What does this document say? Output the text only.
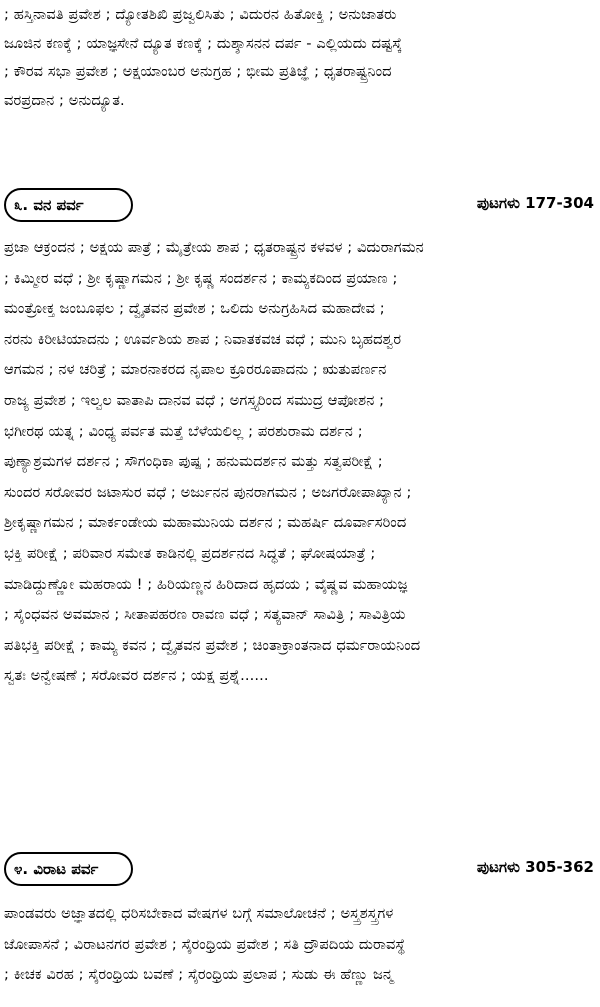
; ಹಸ್ತಿನಾವತಿ ಪ್ರವೇಶ ; ದ್ಯೋತಶಿಖಿ ಪ್ರಜ್ವಲಿಸಿತು ; ವಿದುರನ ಹಿತೋಕ್ತಿ ; ಅನುಜಾತರು
ಜೂಜಿನ ಕಣಕ್ಕೆ ; ಯಾಜ್ಞಸೇನೆ ದ್ಯೂತ ಕಣಕ್ಕೆ ; ದುಶ್ಶಾಸನನ ದರ್ಪ - ಎಲ್ಲಿಯದು ದಷ್ಟಸ್ಕೆ
; ಕೌರವ ಸಭಾ ಪ್ರವೇಶ ; ಅಕ್ಷಯಾಂಬರ ಅನುಗ್ರಹ ; ಭೀಮ ಪ್ರತಿಜ್ಞೆ ; ಧೃತರಾಷ್ಟ್ರನಿಂದ
ವರಪ್ರದಾನ ; ಅನುದ್ಯೂತ.
೩. ವನ ಪರ್ವ	ಪುಟಗಳು 177-304
ಪ್ರಜಾ ಆಕ್ರಂದನ ; ಅಕ್ಷಯ ಪಾತ್ರೆ ; ಮೈತ್ರೇಯ ಶಾಪ ; ಧೃತರಾಷ್ಟ್ರನ ಕಳವಳ ; ವಿದುರಾಗಮನ
; ಕಿಮ್ಮೀರ ವಧೆ ; ಶ್ರೀ ಕೃಷ್ಣಾಗಮನ ; ಶ್ರೀ ಕೃಷ್ಣ ಸಂದರ್ಶನ ; ಕಾಮ್ಯಕದಿಂದ ಪ್ರಯಾಣ ;
ಮಂತ್ರೋಕ್ತ ಜಂಬೂಫಲ ; ದ್ವೈತವನ ಪ್ರವೇಶ ; ಒಲಿದು ಅನುಗ್ರಹಿಸಿದ ಮಹಾದೇವ ;
ನರನು ಕಿರೀಟಿಯಾದನು ; ಊರ್ವಶಿಯ ಶಾಪ ; ನಿವಾತಕವಚ ವಧೆ ; ಮುನಿ ಬೃಹದಶ್ವರ
ಆಗಮನ ; ನಳ ಚರಿತ್ರೆ ; ಮಾರನಾಕರದ ನೃಪಾಲ ಕ್ರೂರರೂಪಾದನು ; ಋತುಪರ್ಣನ
ರಾಜ್ಯ ಪ್ರವೇಶ ; ಇಲ್ವಲ ವಾತಾಪಿ ದಾನವ ವಧೆ ; ಅಗಸ್ತ್ಯರಿಂದ ಸಮುದ್ರ ಆಪೋಶನ ;
ಭಗೀರಥ ಯತ್ನ ; ವಿಂಧ್ಯ ಪರ್ವತ ಮತ್ತೆ ಬೆಳೆಯಲಿಲ್ಲ ; ಪರಶುರಾಮ ದರ್ಶನ ;
ಪುಣ್ಯಾಶ್ರಮಗಳ ದರ್ಶನ ; ಸೌಗಂಧಿಕಾ ಪುಷ್ಪ ; ಹನುಮದರ್ಶನ ಮತ್ತು ಸತ್ವಪರೀಕ್ಷೆ ;
ಸುಂದರ ಸರೋವರ ಜಟಾಸುರ ವಧೆ ; ಅರ್ಜುನನ ಪುನರಾಗಮನ ; ಅಜಗರೋಪಾಖ್ಯಾನ ;
ಶ್ರೀಕೃಷ್ಣಾಗಮನ ; ಮಾರ್ಕಂಡೇಯ ಮಹಾಮುನಿಯ ದರ್ಶನ ; ಮಹರ್ಷಿ ದೂರ್ವಾಸರಿಂದ
ಭಕ್ತಿ ಪರೀಕ್ಷೆ ; ಪರಿವಾರ ಸಮೇತ ಕಾಡಿನಲ್ಲಿ ಪ್ರದರ್ಶನದ ಸಿದ್ಧತೆ ; ಘೋಷಯಾತ್ರೆ ;
ಮಾಡಿದ್ದುಣ್ಣೋ ಮಹರಾಯ ! ; ಹಿರಿಯಣ್ಣನ ಹಿರಿದಾದ ಹೃದಯ ; ವೈಷ್ಣವ ಮಹಾಯಜ್ಞ
; ಸೈಂಧವನ ಅವಮಾನ ; ಸೀತಾಪಹರಣ ರಾವಣ ವಧೆ ; ಸತ್ಯವಾನ್ ಸಾವಿತ್ರಿ ; ಸಾವಿತ್ರಿಯ
ಪತಿಭಕ್ತಿ ಪರೀಕ್ಷೆ ; ಕಾಮ್ಯ ಕವನ ; ದ್ವೈತವನ ಪ್ರವೇಶ ; ಚಿಂತಾಕ್ರಾಂತನಾದ ಧರ್ಮರಾಯನಿಂದ
ಸ್ವತಃ ಅನ್ವೇಷಣೆ ; ಸರೋವರ ದರ್ಶನ ; ಯಕ್ಷ ಪ್ರಶ್ನೆ......
೪. ವಿರಾಟ ಪರ್ವ	ಪುಟಗಳು 305-362
ಪಾಂಡವರು ಅಜ್ಞಾತದಲ್ಲಿ ಧರಿಸಬೇಕಾದ ವೇಷಗಳ ಬಗ್ಗೆ ಸಮಾಲೋಚನೆ ; ಅಸ್ತ್ರಶಸ್ತ್ರಗಳ
ಜೋಪಾಸನೆ ; ವಿರಾಟನಗರ ಪ್ರವೇಶ ; ಸೈರಂಧ್ರಿಯ ಪ್ರವೇಶ ; ಸತಿ ದ್ರೌಪದಿಯ ದುರಾವಸ್ಥೆ
; ಕೀಚಕ ವಿರಹ ; ಸೈರಂಧ್ರಿಯ ಬವಣೆ ; ಸೈರಂಧ್ರಿಯ ಪ್ರಲಾಪ ; ಸುಡು ಈ ಹೆಣ್ಣು ಜನ್ಮ
